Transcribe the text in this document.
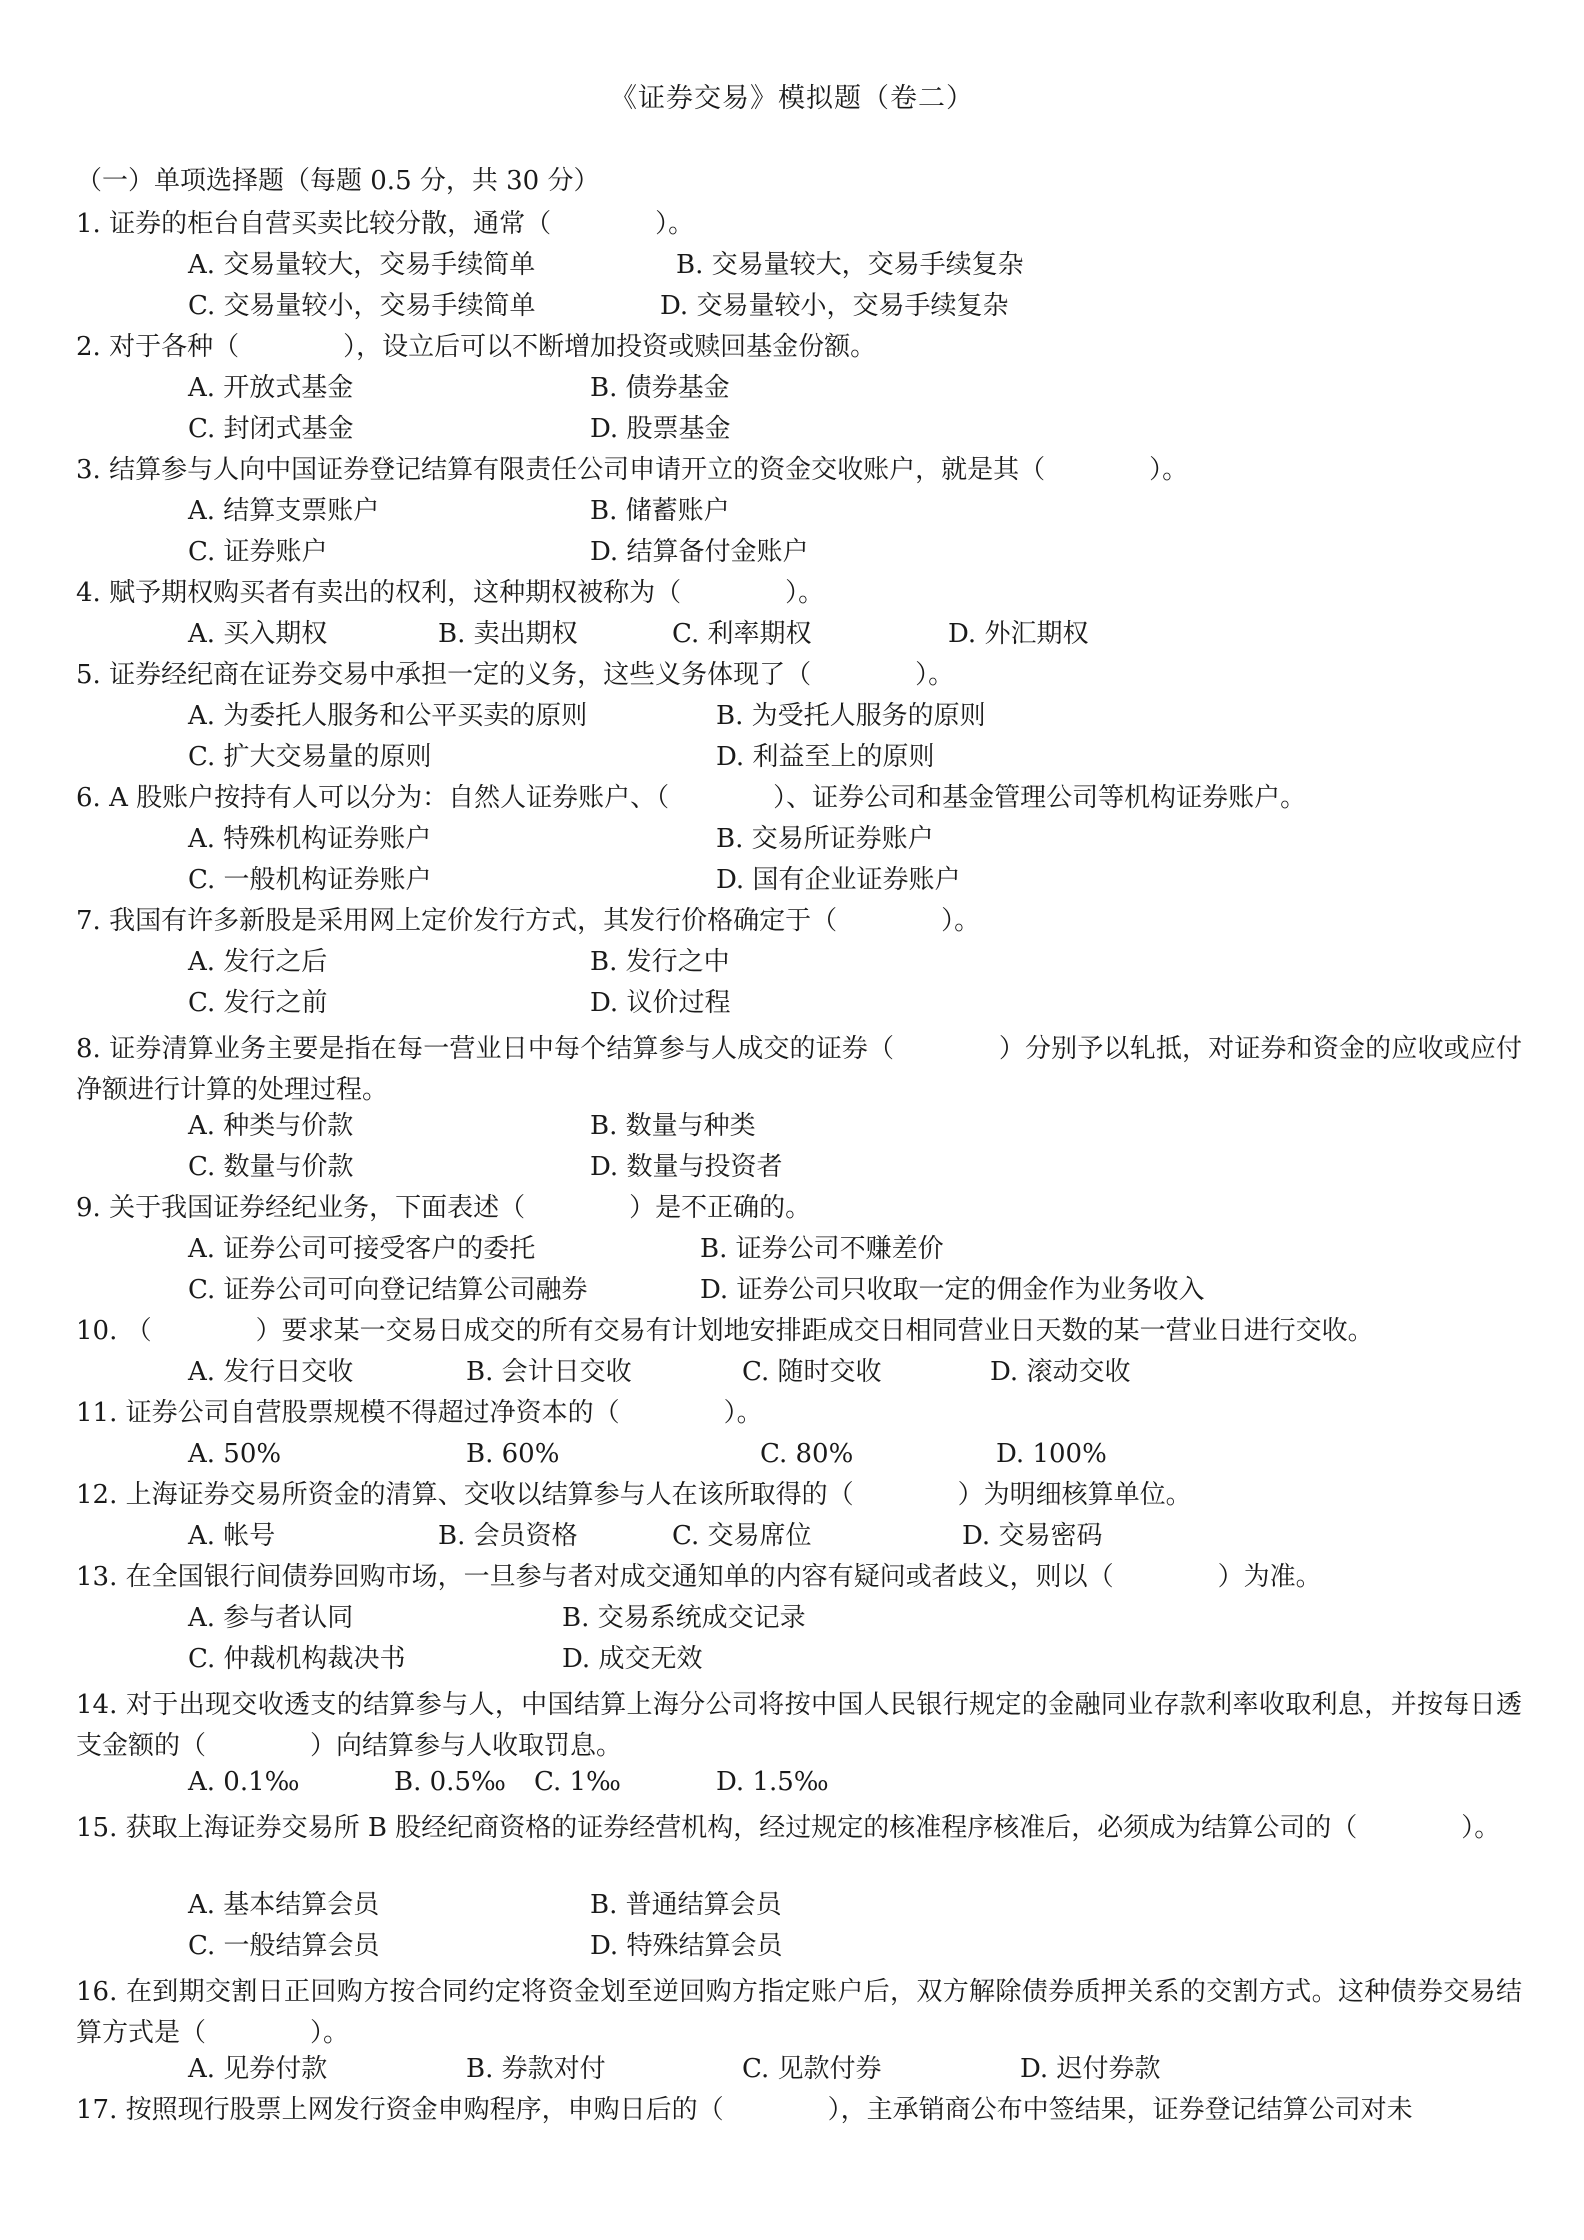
《证券交易》模拟题（卷二）
（一）单项选择题（每题 0.5 分，共 30 分）
1. 证券的柜台自营买卖比较分散，通常（　　　　）。
A. 交易量较大，交易手续简单	B. 交易量较大，交易手续复杂
C. 交易量较小，交易手续简单	D. 交易量较小，交易手续复杂
2. 对于各种（　　　　），设立后可以不断增加投资或赎回基金份额。
A. 开放式基金	B. 债券基金
C. 封闭式基金	D. 股票基金
3. 结算参与人向中国证券登记结算有限责任公司申请开立的资金交收账户，就是其（　　　　）。
A. 结算支票账户	B. 储蓄账户
C. 证券账户	D. 结算备付金账户
4. 赋予期权购买者有卖出的权利，这种期权被称为（　　　　）。
A. 买入期权	B. 卖出期权	C. 利率期权	D. 外汇期权
5. 证券经纪商在证券交易中承担一定的义务，这些义务体现了（　　　　）。
A. 为委托人服务和公平买卖的原则	B. 为受托人服务的原则
C. 扩大交易量的原则	D. 利益至上的原则
6. A 股账户按持有人可以分为：自然人证券账户、（　　　　）、证券公司和基金管理公司等机构证券账户。
A. 特殊机构证券账户	B. 交易所证券账户
C. 一般机构证券账户	D. 国有企业证券账户
7. 我国有许多新股是采用网上定价发行方式，其发行价格确定于（　　　　）。
A. 发行之后	B. 发行之中
C. 发行之前	D. 议价过程
8. 证券清算业务主要是指在每一营业日中每个结算参与人成交的证券（　　　　）分别予以轧抵，对证券和资金的应收或应付净额进行计算的处理过程。
A. 种类与价款	B. 数量与种类
C. 数量与价款	D. 数量与投资者
9. 关于我国证券经纪业务，下面表述（　　　　）是不正确的。
A. 证券公司可接受客户的委托	B. 证券公司不赚差价
C. 证券公司可向登记结算公司融券	D. 证券公司只收取一定的佣金作为业务收入
10. （　　　　）要求某一交易日成交的所有交易有计划地安排距成交日相同营业日天数的某一营业日进行交收。
A. 发行日交收	B. 会计日交收	C. 随时交收	D. 滚动交收
11. 证券公司自营股票规模不得超过净资本的（　　　　）。
A. 50%	B. 60%	C. 80%	D. 100%
12. 上海证券交易所资金的清算、交收以结算参与人在该所取得的（　　　　）为明细核算单位。
A. 帐号	B. 会员资格	C. 交易席位	D. 交易密码
13. 在全国银行间债券回购市场，一旦参与者对成交通知单的内容有疑问或者歧义，则以（　　　　）为准。
A. 参与者认同	B. 交易系统成交记录
C. 仲裁机构裁决书	D. 成交无效
14. 对于出现交收透支的结算参与人，中国结算上海分公司将按中国人民银行规定的金融同业存款利率收取利息，并按每日透支金额的（　　　　）向结算参与人收取罚息。
A. 0.1‰	B. 0.5‰ C. 1‰	D. 1.5‰
15. 获取上海证券交易所 B 股经纪商资格的证券经营机构，经过规定的核准程序核准后，必须成为结算公司的（　　　　）。
A. 基本结算会员	B. 普通结算会员
C. 一般结算会员	D. 特殊结算会员
16. 在到期交割日正回购方按合同约定将资金划至逆回购方指定账户后，双方解除债券质押关系的交割方式。这种债券交易结算方式是（　　　　）。
A. 见券付款	B. 券款对付	C. 见款付券	D. 迟付券款
17. 按照现行股票上网发行资金申购程序，申购日后的（　　　　），主承销商公布中签结果，证券登记结算公司对未
